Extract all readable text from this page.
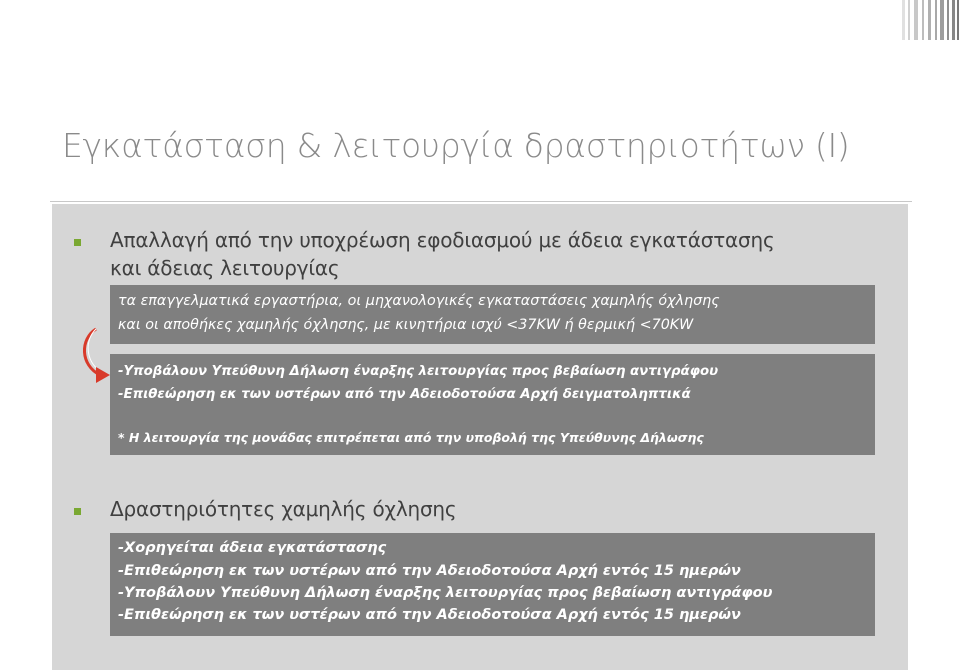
Εγκατάσταση & λειτουργία δραστηριοτήτων (Ι)
Απαλλαγή από την υποχρέωση εφοδιασμού με άδεια εγκατάστασης
και άδειας λειτουργίας
τα επαγγελματικά εργαστήρια, οι μηχανολογικές εγκαταστάσεις χαμηλής όχλησης
και οι αποθήκες χαμηλής όχλησης, με κινητήρια ισχύ <37KW ή θερμική <70KW
-Υποβάλουν Υπεύθυνη Δήλωση έναρξης λειτουργίας προς βεβαίωση αντιγράφου
-Επιθεώρηση εκ των υστέρων από την Αδειοδοτούσα Αρχή δειγματοληπτικά
* Η λειτουργία της μονάδας επιτρέπεται από την υποβολή της Υπεύθυνης Δήλωσης
Δραστηριότητες χαμηλής όχλησης
-Χορηγείται άδεια εγκατάστασης
-Επιθεώρηση εκ των υστέρων από την Αδειοδοτούσα Αρχή εντός 15 ημερών
-Υποβάλουν Υπεύθυνη Δήλωση έναρξης λειτουργίας προς βεβαίωση αντιγράφου
-Επιθεώρηση εκ των υστέρων από την Αδειοδοτούσα Αρχή εντός 15 ημερών
